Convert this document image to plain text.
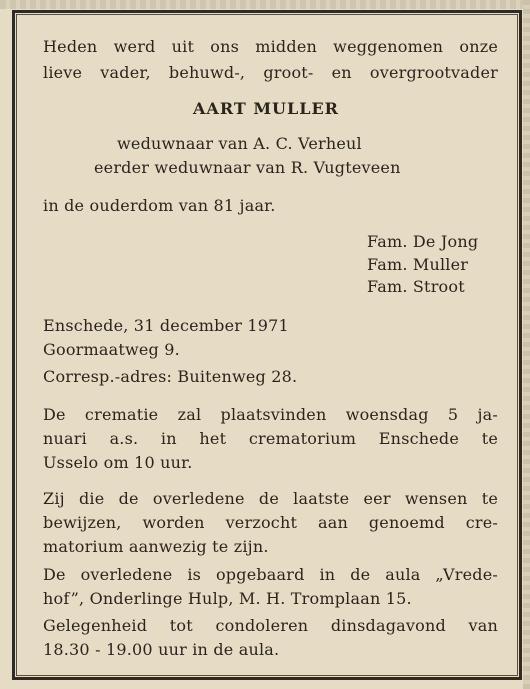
Heden werd uit ons midden weggenomen onze
lieve vader, behuwd-, groot- en overgrootvader
AART MULLER
weduwnaar van A. C. Verheul
eerder weduwnaar van R. Vugteveen
in de ouderdom van 81 jaar.
Fam. De Jong
Fam. Muller
Fam. Stroot
Enschede, 31 december 1971
Goormaatweg 9.
Corresp.-adres: Buitenweg 28.
De crematie zal plaatsvinden woensdag 5 ja-
nuari a.s. in het crematorium Enschede te
Usselo om 10 uur.
Zij die de overledene de laatste eer wensen te
bewijzen, worden verzocht aan genoemd cre-
matorium aanwezig te zijn.
De overledene is opgebaard in de aula „Vrede-
hof”, Onderlinge Hulp, M. H. Tromplaan 15.
Gelegenheid tot condoleren dinsdagavond van
18.30 - 19.00 uur in de aula.
